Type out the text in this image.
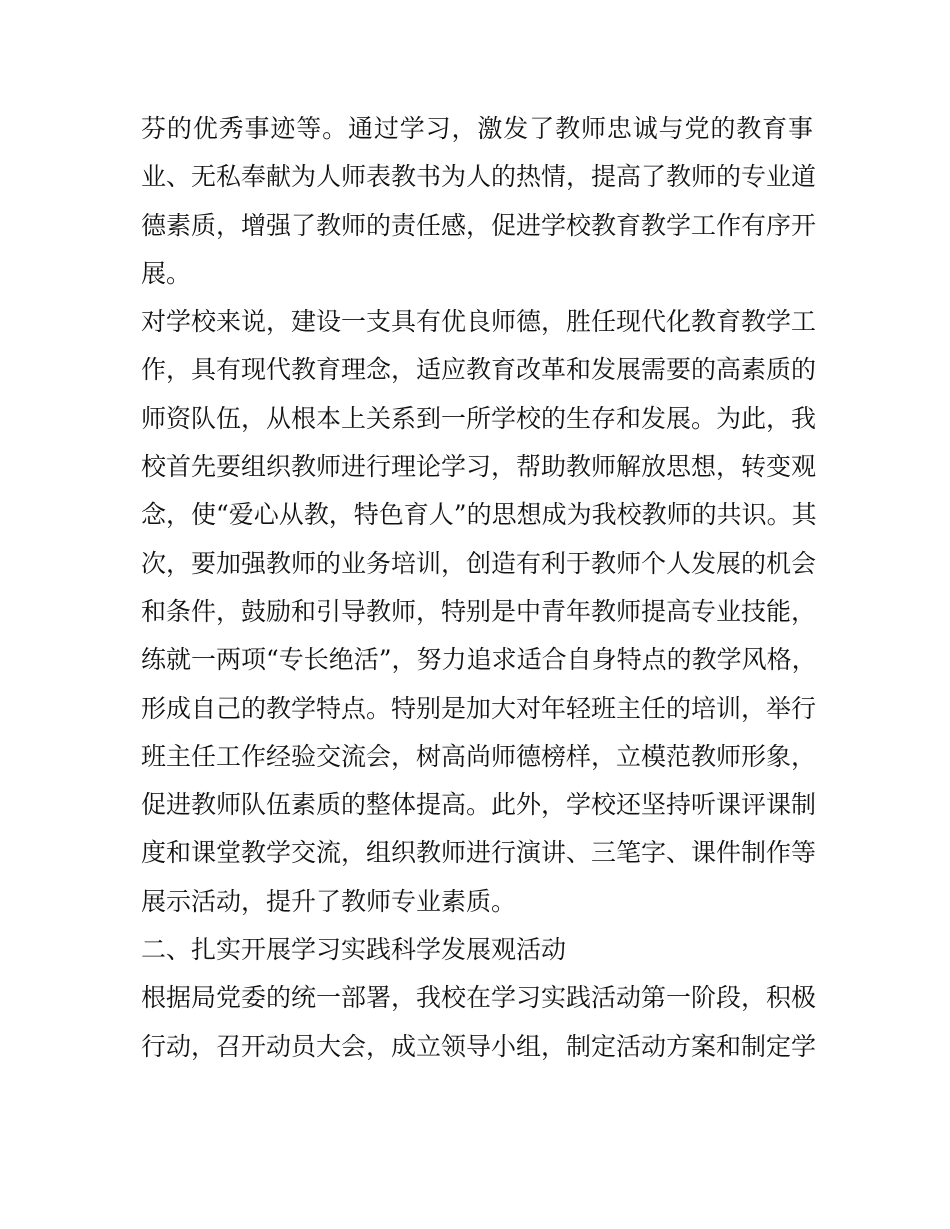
芬的优秀事迹等。通过学习，激发了教师忠诚与党的教育事
业、无私奉献为人师表教书为人的热情，提高了教师的专业道
德素质，增强了教师的责任感，促进学校教育教学工作有序开
展。
对学校来说，建设一支具有优良师德，胜任现代化教育教学工
作，具有现代教育理念，适应教育改革和发展需要的高素质的
师资队伍，从根本上关系到一所学校的生存和发展。为此，我
校首先要组织教师进行理论学习，帮助教师解放思想，转变观
念，使“爱心从教，特色育人”的思想成为我校教师的共识。其
次，要加强教师的业务培训，创造有利于教师个人发展的机会
和条件，鼓励和引导教师，特别是中青年教师提高专业技能，
练就一两项“专长绝活”，努力追求适合自身特点的教学风格，
形成自己的教学特点。特别是加大对年轻班主任的培训，举行
班主任工作经验交流会，树高尚师德榜样，立模范教师形象，
促进教师队伍素质的整体提高。此外，学校还坚持听课评课制
度和课堂教学交流，组织教师进行演讲、三笔字、课件制作等
展示活动，提升了教师专业素质。
二、扎实开展学习实践科学发展观活动
根据局党委的统一部署，我校在学习实践活动第一阶段，积极
行动，召开动员大会，成立领导小组，制定活动方案和制定学
